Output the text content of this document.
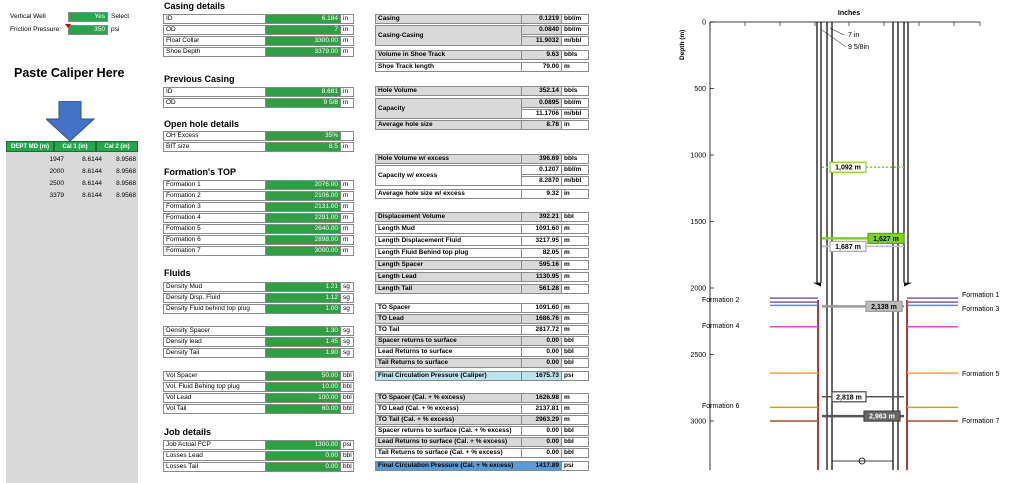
Vertical Well	Yes Select
Friction Pressure:	350 psi
Paste Caliper Here
DEPT MD (m)	Cal 1 (in)	Cal 2 (in)
1947	8.6144	8.9568
2000	8.6144	8.9568
2500	8.6144	8.9568
3379	8.6144	8.9568
Casing details
ID	6.184 in
OD	7 in
Float Collar	3300.00 m
Shoe Depth	3379.00 m
Previous Casing
ID	8.681 in
OD	9 5/8 in
Open hole details
OH Excess	35%
BIT size	8.5 in
Formation's TOP
Formation 1	2076.00 m
Formation 2	2106.00 m
Formation 3	2131.00 m
Formation 4	2291.00 m
Formation 5	2640.00 m
Formation 6	2898.00 m
Formation 7	3000.00 m
Fluids
Density Mud	1.21 sg
Density Disp. Fluid	1.12 sg
Density Fluid behind top plug	1.00 sg
Density Spacer	1.30 sg
Density lead	1.45 sg
Density Tail	1.90 sg
Vol Spacer	50.00 bbl
Vol. Fluid Behing top plug	10.00 bbl
Vol Lead	100.00 bbl
Vol Tail	60.00 bbl
Job details
Job Actual FCP	1300.00 psi
Losses Lead	0.00 bbl
Losses Tail	0.00 bbl
Casing	0.1219 bbl/m
Casing-Casing
0.0840 bbl/m
11.9032 m/bbl
Volume in Shoe Track	9.63 bbls
Shoe Track length	79.00 m
Hole Volume	352.14 bbls
Capacity
0.0895 bbl/m
11.1706 m/bbl
Average hole size	8.78 in
Hole Volume w/ excess	396.69 bbls
Capacity w/ excess
0.1207 bbl/m
8.2870 m/bbl
Average hole size w/ excess	9.32 in
Displacement Volume	392.21 bbl
Length Mud	1091.60 m
Length Displacement Fluid	3217.95 m
Length Fluid Behind top plug	82.05 m
Length Spacer	595.16 m
Length Lead	1130.95 m
Length Tail	561.28 m
TO Spacer	1091.60 m
TO Lead	1686.76 m
TO Tail	2817.72 m
Spacer returns to surface	0.00 bbl
Lead Returns to surface	0.00 bbl
Tail Returns to surface	0.00 bbl
Final Circulation Pressure (Caliper)	1675.73 psi
TO Spacer (Cal. + % excess)	1626.98 m
TO Lead (Cal. + % excess)	2137.81 m
TO Tail (Cal. + % excess)	2963.29 m
Spacer returns to surface (Cal. + % excess)	0.00 bbl
Lead Returns to surface (Cal. + % excess)	0.00 bbl
Tail Returns to surface (Cal. + % excess)	0.00 bbl
Final Circulation Pressure (Cal. + % excess)	1417.89 psi
Inches
Depth (m)
0
500
1000
1500
2000
2500
3000
7 in
9 5/8in
1,092 m
1,627 m
1,687 m
2,138 m
2,818 m
2,963 m
Formation 1
Formation 2
Formation 3
Formation 4
Formation 5
Formation 6
Formation 7
